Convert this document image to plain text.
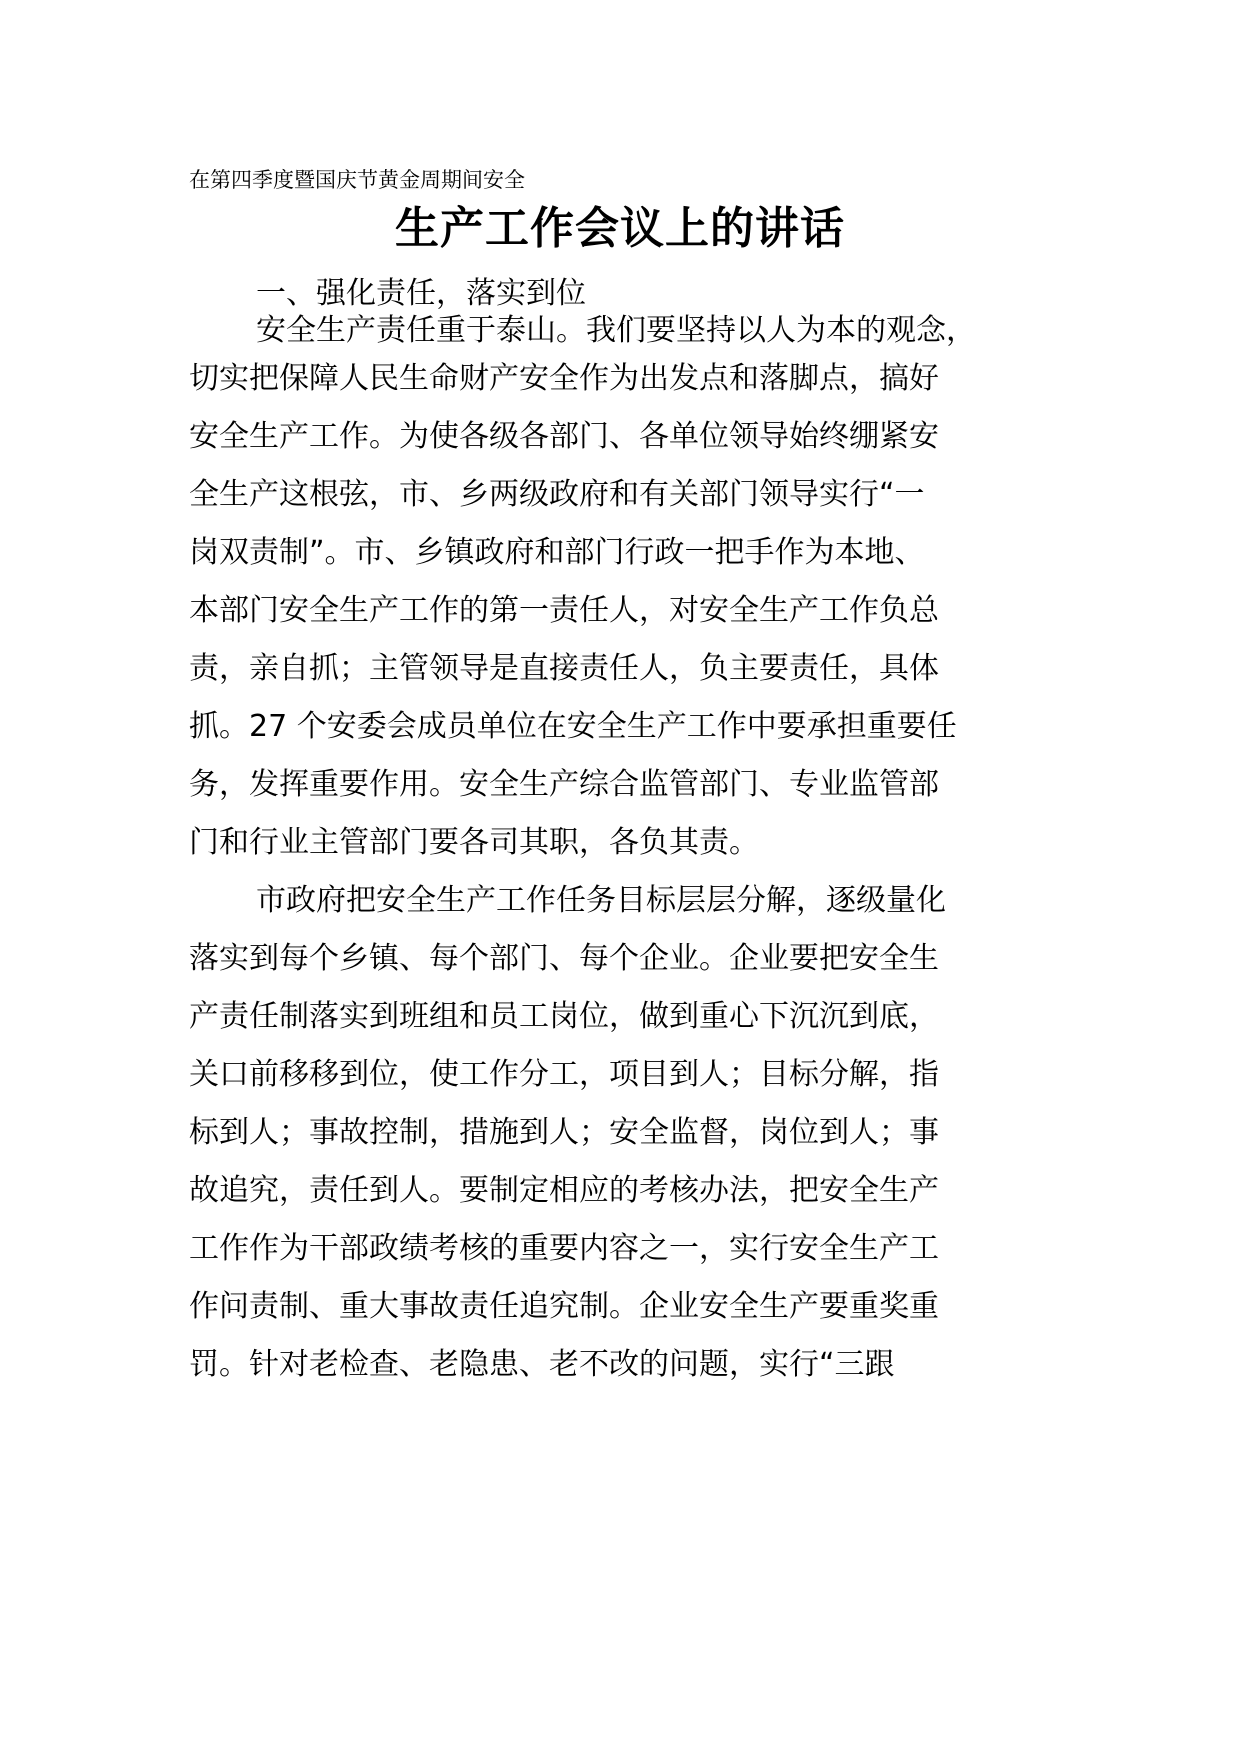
在第四季度暨国庆节黄金周期间安全
生产工作会议上的讲话
一、强化责任，落实到位
安全生产责任重于泰山。我们要坚持以人为本的观念，
切实把保障人民生命财产安全作为出发点和落脚点，搞好
安全生产工作。为使各级各部门、各单位领导始终绷紧安
全生产这根弦，市、乡两级政府和有关部门领导实行“一
岗双责制”。市、乡镇政府和部门行政一把手作为本地、
本部门安全生产工作的第一责任人，对安全生产工作负总
责，亲自抓；主管领导是直接责任人，负主要责任，具体
抓。27 个安委会成员单位在安全生产工作中要承担重要任
务，发挥重要作用。安全生产综合监管部门、专业监管部
门和行业主管部门要各司其职，各负其责。
市政府把安全生产工作任务目标层层分解，逐级量化
落实到每个乡镇、每个部门、每个企业。企业要把安全生
产责任制落实到班组和员工岗位，做到重心下沉沉到底，
关口前移移到位，使工作分工，项目到人；目标分解，指
标到人；事故控制，措施到人；安全监督，岗位到人；事
故追究，责任到人。要制定相应的考核办法，把安全生产
工作作为干部政绩考核的重要内容之一，实行安全生产工
作问责制、重大事故责任追究制。企业安全生产要重奖重
罚。针对老检查、老隐患、老不改的问题，实行“三跟
